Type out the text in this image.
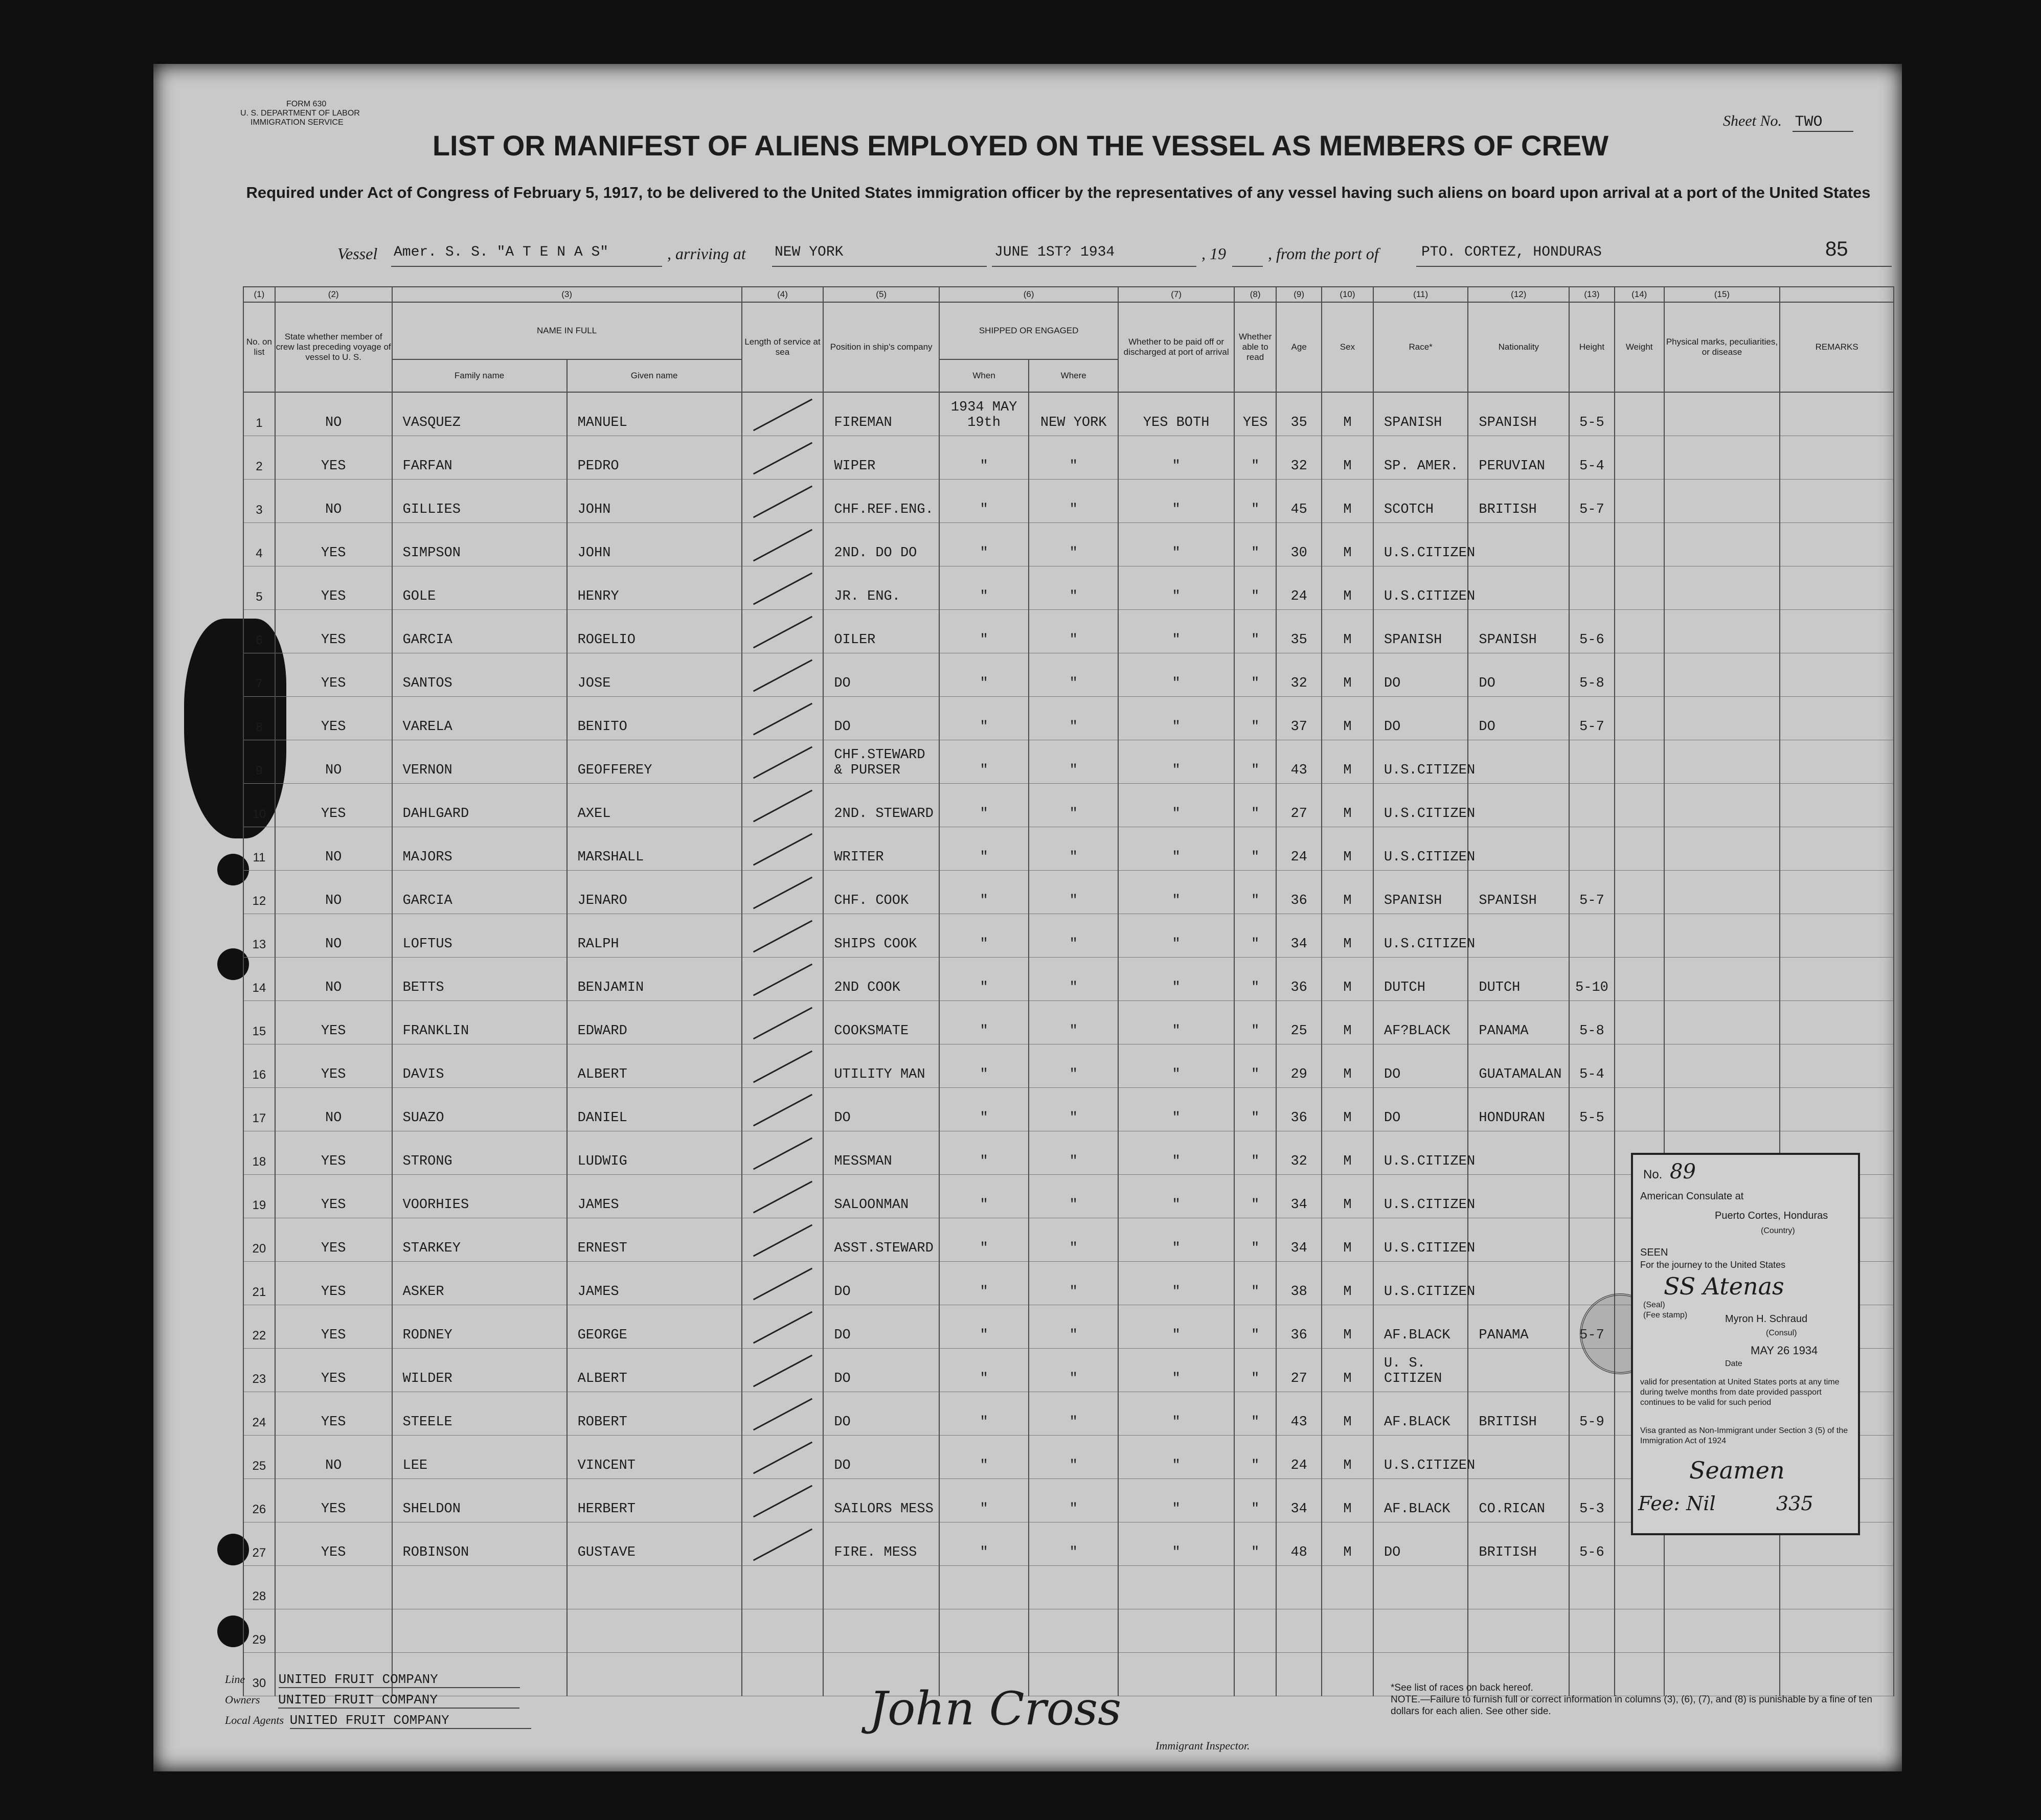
FORM 630
U. S. DEPARTMENT OF LABOR
IMMIGRATION SERVICE	Sheet No. TWO
LIST OR MANIFEST OF ALIENS EMPLOYED ON THE VESSEL AS MEMBERS OF CREW
Required under Act of Congress of February 5, 1917, to be delivered to the United States immigration officer by the representatives of any vessel having such aliens on board upon arrival at a port of the United States
Vessel Amer. S. S. "A T E N A S"	, arriving at NEW YORK	JUNE 1ST? 1934	, 19	, from the port of	PTO. CORTEZ, HONDURAS	85
(1)	(2)	(3)		(4)	(5)	(6)		(7)	(8)	(9)	(10)	(11)	(12)	(13)	(14)	(15)	
No. on list	State whether member of crew last preceding voyage of vessel to U. S.	NAME IN FULL		Length of service at sea	Position in ship's company	SHIPPED OR ENGAGED		Whether to be paid off or discharged at port of arrival	Whether able to read	Age	Sex	Race*	Nationality	Height	Weight	Physical marks, peculiarities, or disease	REMARKS
		Family name	Given name			When	Where										
1	NO	VASQUEZ	MANUEL		FIREMAN	1934 MAY 19th	NEW YORK	YES BOTH	YES	35	M	SPANISH	SPANISH	5-5			
2	YES	FARFAN	PEDRO		WIPER	"	"	"	"	32	M	SP. AMER.	PERUVIAN	5-4			
3	NO	GILLIES	JOHN		CHF.REF.ENG.	"	"	"	"	45	M	SCOTCH	BRITISH	5-7			
4	YES	SIMPSON	JOHN		2ND. DO DO	"	"	"	"	30	M	U.S.CITIZEN					
5	YES	GOLE	HENRY		JR. ENG.	"	"	"	"	24	M	U.S.CITIZEN					
6	YES	GARCIA	ROGELIO		OILER	"	"	"	"	35	M	SPANISH	SPANISH	5-6			
7	YES	SANTOS	JOSE		DO	"	"	"	"	32	M	DO	DO	5-8			
8	YES	VARELA	BENITO		DO	"	"	"	"	37	M	DO	DO	5-7			
9	NO	VERNON	GEOFFEREY		CHF.STEWARD & PURSER	"	"	"	"	43	M	U.S.CITIZEN					
10	YES	DAHLGARD	AXEL		2ND. STEWARD	"	"	"	"	27	M	U.S.CITIZEN					
11	NO	MAJORS	MARSHALL		WRITER	"	"	"	"	24	M	U.S.CITIZEN					
12	NO	GARCIA	JENARO		CHF. COOK	"	"	"	"	36	M	SPANISH	SPANISH	5-7			
13	NO	LOFTUS	RALPH		SHIPS COOK	"	"	"	"	34	M	U.S.CITIZEN					
14	NO	BETTS	BENJAMIN		2ND COOK	"	"	"	"	36	M	DUTCH	DUTCH	5-10			
15	YES	FRANKLIN	EDWARD		COOKSMATE	"	"	"	"	25	M	AF?BLACK	PANAMA	5-8			
16	YES	DAVIS	ALBERT		UTILITY MAN	"	"	"	"	29	M	DO	GUATAMALAN	5-4			
17	NO	SUAZO	DANIEL		DO	"	"	"	"	36	M	DO	HONDURAN	5-5			
18	YES	STRONG	LUDWIG		MESSMAN	"	"	"	"	32	M	U.S.CITIZEN					
19	YES	VOORHIES	JAMES		SALOONMAN	"	"	"	"	34	M	U.S.CITIZEN					
20	YES	STARKEY	ERNEST		ASST.STEWARD	"	"	"	"	34	M	U.S.CITIZEN					
21	YES	ASKER	JAMES		DO	"	"	"	"	38	M	U.S.CITIZEN					
22	YES	RODNEY	GEORGE		DO	"	"	"	"	36	M	AF.BLACK	PANAMA	5-7			
23	YES	WILDER	ALBERT		DO	"	"	"	"	27	M	U. S. CITIZEN					
24	YES	STEELE	ROBERT		DO	"	"	"	"	43	M	AF.BLACK	BRITISH	5-9			
25	NO	LEE	VINCENT		DO	"	"	"	"	24	M	U.S.CITIZEN					
26	YES	SHELDON	HERBERT		SAILORS MESS	"	"	"	"	34	M	AF.BLACK	CO.RICAN	5-3			
27	YES	ROBINSON	GUSTAVE		FIRE. MESS	"	"	"	"	48	M	DO	BRITISH	5-6			
28																	
29																	
30																	
No. 89
American Consulate at
Puerto Cortes, Honduras
(Country)
SEEN
For the journey to the United States
SS Atenas
Myron H. Schraud
(Consul)
(Seal)
(Fee stamp)
MAY 26 1934
Date
valid for presentation at United States ports at any time during twelve months from date provided passport continues to be valid for such period
Visa granted as Non-Immigrant under Section 3 (5) of the Immigration Act of 1924
Seamen
Fee: Nil	335
Line	UNITED FRUIT COMPANY
Owners UNITED FRUIT COMPANY
Local Agents UNITED FRUIT COMPANY	John Cross
Immigrant Inspector.
*See list of races on back hereof.
NOTE.—Failure to furnish full or correct information in columns (3), (6), (7), and (8) is punishable by a fine of ten dollars for each alien. See other side.
